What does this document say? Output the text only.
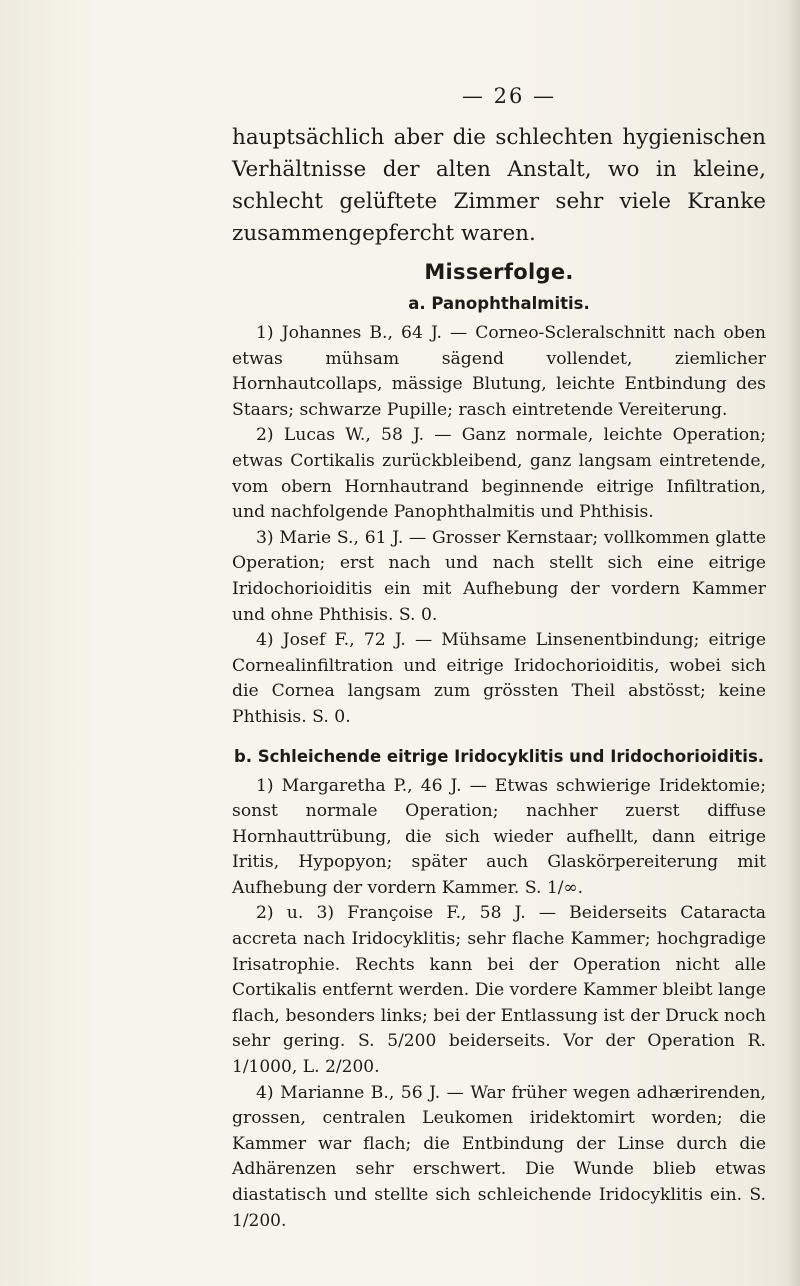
— 26 —

hauptsächlich aber die schlechten hygienischen Verhältnisse der alten Anstalt, wo in kleine, schlecht gelüftete Zimmer sehr viele Kranke zusammengepfercht waren.

Misserfolge.
a. Panophthalmitis.

1) Johannes B., 64 J. — Corneo-Scleralschnitt nach oben etwas mühsam sägend vollendet, ziemlicher Hornhautcollaps, mässige Blutung, leichte Entbindung des Staars; schwarze Pupille; rasch eintretende Vereiterung.

2) Lucas W., 58 J. — Ganz normale, leichte Operation; etwas Cortikalis zurückbleibend, ganz langsam eintretende, vom obern Hornhautrand beginnende eitrige Infiltration, und nachfolgende Panophthalmitis und Phthisis.

3) Marie S., 61 J. — Grosser Kernstaar; vollkommen glatte Operation; erst nach und nach stellt sich eine eitrige Iridochorioiditis ein mit Aufhebung der vordern Kammer und ohne Phthisis. S. 0.

4) Josef F., 72 J. — Mühsame Linsenentbindung; eitrige Cornealinfiltration und eitrige Iridochorioiditis, wobei sich die Cornea langsam zum grössten Theil abstösst; keine Phthisis. S. 0.

b. Schleichende eitrige Iridocyklitis und Iridochorioiditis.

1) Margaretha P., 46 J. — Etwas schwierige Iridektomie; sonst normale Operation; nachher zuerst diffuse Hornhauttrübung, die sich wieder aufhellt, dann eitrige Iritis, Hypopyon; später auch Glaskörpereiterung mit Aufhebung der vordern Kammer. S. 1/∞.

2) u. 3) Françoise F., 58 J. — Beiderseits Cataracta accreta nach Iridocyklitis; sehr flache Kammer; hochgradige Irisatrophie. Rechts kann bei der Operation nicht alle Cortikalis entfernt werden. Die vordere Kammer bleibt lange flach, besonders links; bei der Entlassung ist der Druck noch sehr gering. S. 5/200 beiderseits. Vor der Operation R. 1/1000, L. 2/200.

4) Marianne B., 56 J. — War früher wegen adhærirenden, grossen, centralen Leukomen iridektomirt worden; die Kammer war flach; die Entbindung der Linse durch die Adhärenzen sehr erschwert. Die Wunde blieb etwas diastatisch und stellte sich schleichende Iridocyklitis ein. S. 1/200.
